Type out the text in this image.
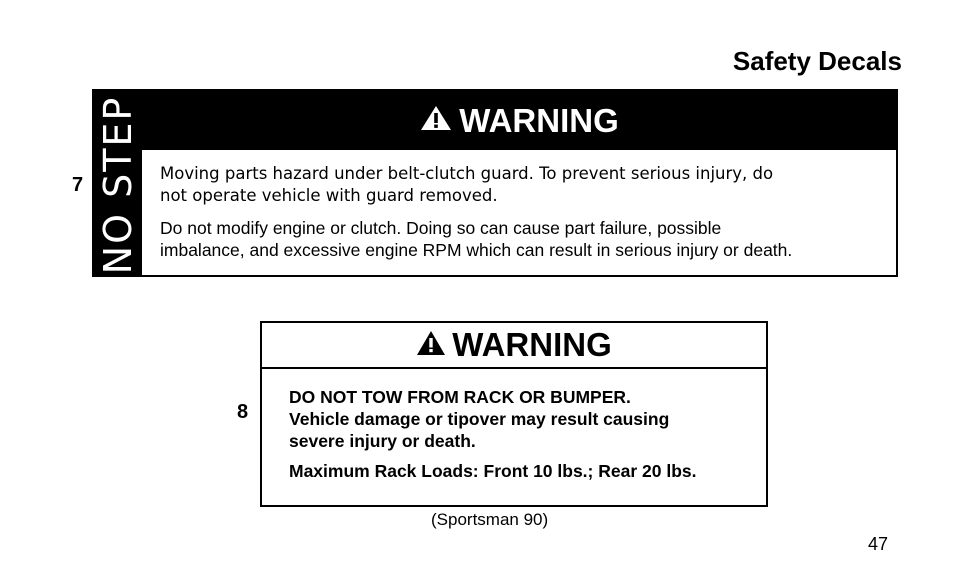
Safety Decals
7 NO STEP	WARNING

Moving parts hazard under belt-clutch guard. To prevent serious injury, do
not operate vehicle with guard removed.

Do not modify engine or clutch. Doing so can cause part failure, possible
imbalance, and excessive engine RPM which can result in serious injury or death.

8
WARNING

DO NOT TOW FROM RACK OR BUMPER.
Vehicle damage or tipover may result causing
severe injury or death.

Maximum Rack Loads: Front 10 lbs.; Rear 20 lbs.

(Sportsman 90)
47
